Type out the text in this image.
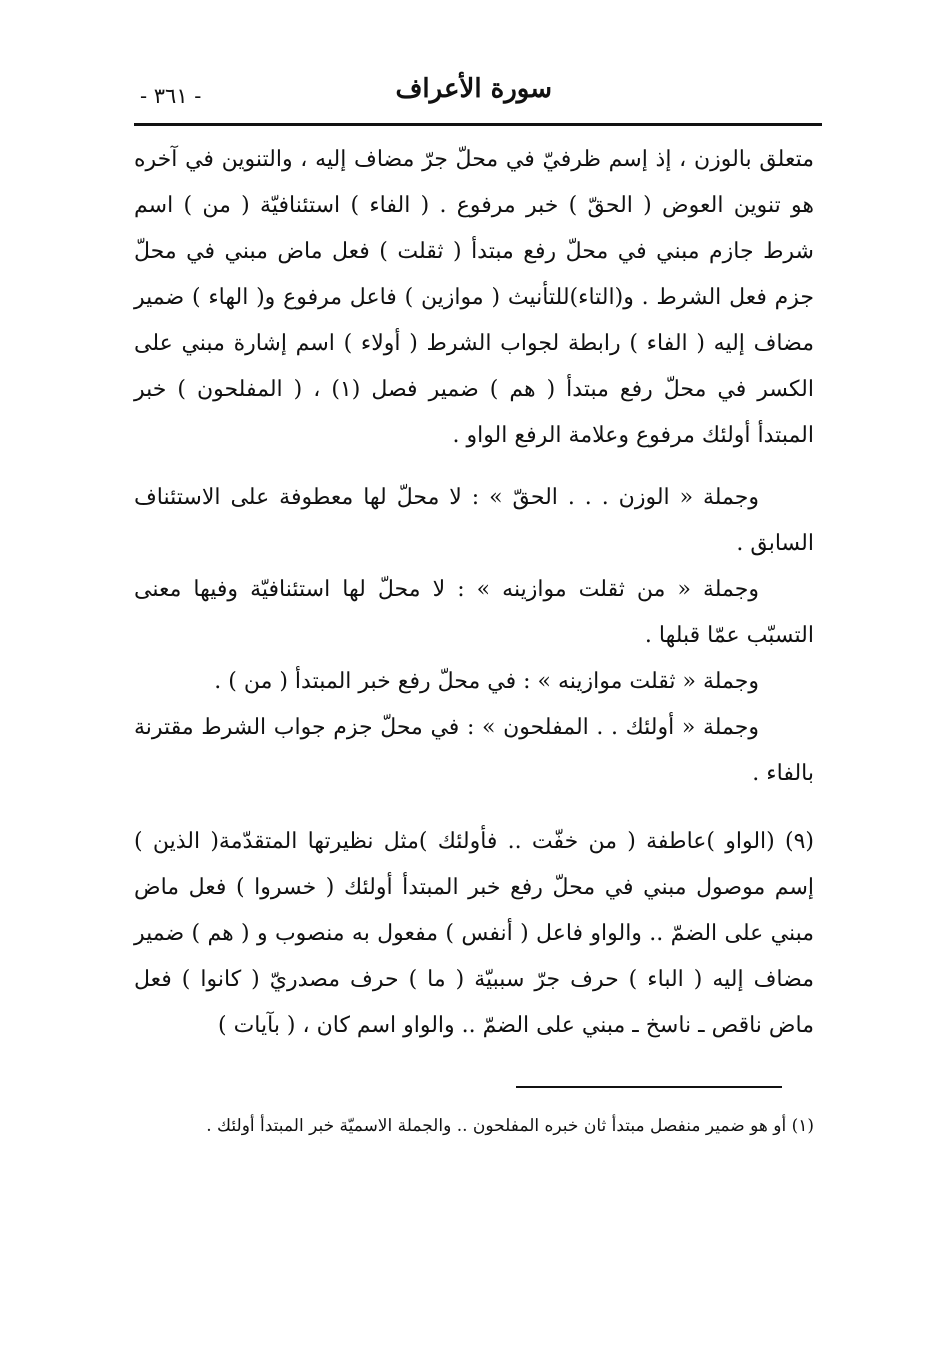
سورة الأعراف
- ٣٦١ -

متعلق بالوزن ، إذ إسم ظرفيّ في محلّ جرّ مضاف إليه ، والتنوين في آخره هو تنوين العوض ( الحقّ ) خبر مرفوع . ( الفاء ) استئنافيّة ( من ) اسم شرط جازم مبني في محلّ رفع مبتدأ ( ثقلت ) فعل ماض مبني في محلّ جزم فعل الشرط . و(التاء)للتأنيث ( موازين ) فاعل مرفوع و( الهاء ) ضمير مضاف إليه ( الفاء ) رابطة لجواب الشرط ( أولاء ) اسم إشارة مبني على الكسر في محلّ رفع مبتدأ ( هم ) ضمير فصل (١) ، ( المفلحون ) خبر المبتدأ أولئك مرفوع وعلامة الرفع الواو .

وجملة « الوزن . . . الحقّ » : لا محلّ لها معطوفة على الاستئناف السابق .

وجملة « من ثقلت موازينه » : لا محلّ لها استئنافيّة وفيها معنى التسبّب عمّا قبلها .

وجملة « ثقلت موازينه » : في محلّ رفع خبر المبتدأ ( من ) .

وجملة « أولئك . . المفلحون » : في محلّ جزم جواب الشرط مقترنة بالفاء .

(٩) (الواو )عاطفة ( من خفّت .. فأولئك )مثل نظيرتها المتقدّمة( الذين ) إسم موصول مبني في محلّ رفع خبر المبتدأ أولئك ( خسروا ) فعل ماض مبني على الضمّ .. والواو فاعل ( أنفس ) مفعول به منصوب و ( هم ) ضمير مضاف إليه ( الباء ) حرف جرّ سببيّة ( ما ) حرف مصدريّ ( كانوا ) فعل ماض ناقص ـ ناسخ ـ مبني على الضمّ .. والواو اسم كان ، ( بآيات )

(١) أو هو ضمير منفصل مبتدأ ثان خبره المفلحون .. والجملة الاسميّة خبر المبتدأ أولئك .
